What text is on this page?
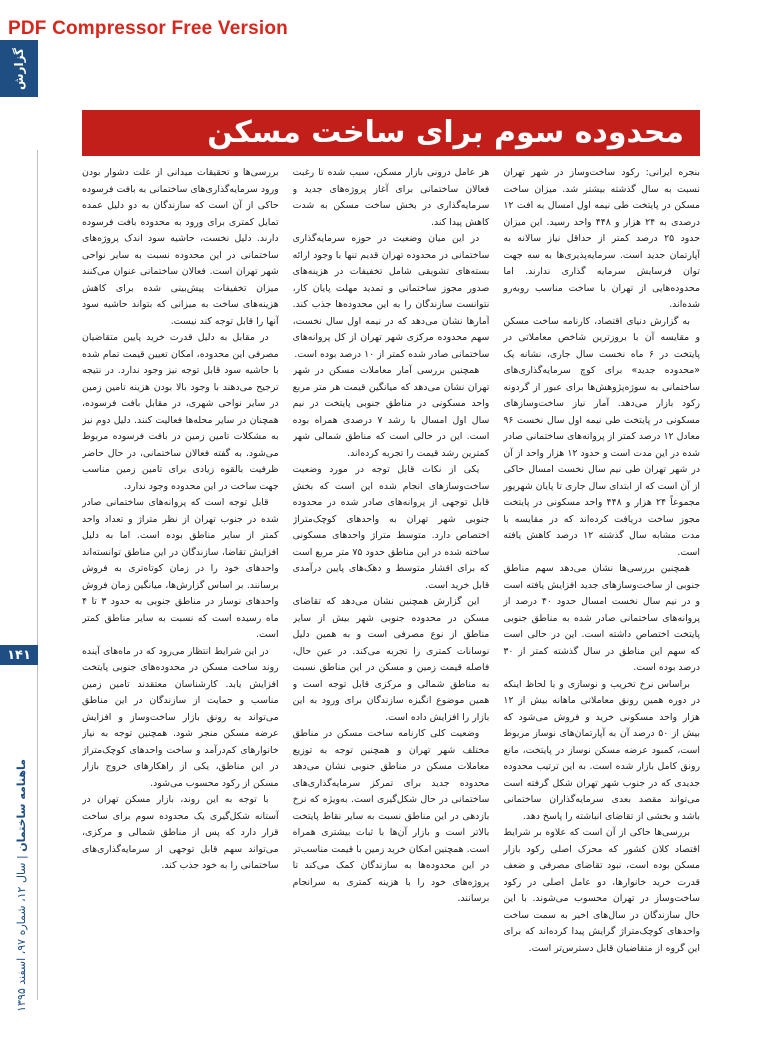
PDF Compressor Free Version
گزارش
۱۴۱
ماهنامه ساختمان | سال ۱۲، شماره ۹۷، اسفند ۱۳۹۵
محدوده سوم برای ساخت مسکن

بنجره ایرانی: رکود ساخت‌وساز در شهر تهران نسبت به سال گذشته بیشتر شد. میزان ساخت مسکن در پایتخت طی نیمه اول امسال به افت ۱۲ درصدی به ۲۴ هزار و ۴۴۸ واحد رسید. این میزان حدود ۲۵ درصد کمتر از حداقل نیاز سالانه به آپارتمان جدید است. سرمایه‌پذیری‌ها به سه جهت توان فرسایش سرمایه گذاری ندارند. اما محدوده‌هایی از تهران با ساخت مناسب روبه‌رو شده‌اند.

به گزارش دنیای اقتصاد، کارنامه ساخت مسکن و مقایسه آن با بروزترین شاخص معاملاتی در پایتخت در ۶ ماه نخست سال جاری، نشانه یک «محدوده جدید» برای کوچ سرمایه‌گذاری‌های ساختمانی به سوژه‌پژوهش‌ها برای عبور از گردونه رکود بازار می‌دهد. آمار نیاز ساخت‌وسازهای مسکونی در پایتخت طی نیمه اول سال نخست ۹۶ معادل ۱۲ درصد کمتر از پروانه‌های ساختمانی صادر شده در این مدت است و حدود ۱۲ هزار واحد از آن در شهر تهران طی نیم سال نخست امسال حاکی از آن است که از ابتدای سال جاری تا پایان شهریور مجموعاً ۲۴ هزار و ۴۴۸ واحد مسکونی در پایتخت مجوز ساخت دریافت کرده‌اند که در مقایسه با مدت مشابه سال گذشته ۱۲ درصد کاهش یافته است.

همچنین بررسی‌ها نشان می‌دهد سهم مناطق جنوبی از ساخت‌وسازهای جدید افزایش یافته است و در نیم سال نخست امسال حدود ۴۰ درصد از پروانه‌های ساختمانی صادر شده به مناطق جنوبی پایتخت اختصاص داشته است. این در حالی است که سهم این مناطق در سال گذشته کمتر از ۳۰ درصد بوده است.

براساس نرخ تخریب و نوسازی و با لحاظ اینکه در دوره همین رونق معاملاتی ماهانه بیش از ۱۲ هزار واحد مسکونی خرید و فروش می‌شود که بیش از ۵۰ درصد آن به آپارتمان‌های نوساز مربوط است، کمبود عرضه مسکن نوساز در پایتخت، مانع رونق کامل بازار شده است. به این ترتیب محدوده جدیدی که در جنوب شهر تهران شکل گرفته است می‌تواند مقصد بعدی سرمایه‌گذاران ساختمانی باشد و بخشی از تقاضای انباشته را پاسخ دهد.

بررسی‌ها حاکی از آن است که علاوه بر شرایط اقتصاد کلان کشور که محرک اصلی رکود بازار مسکن بوده است، نبود تقاضای مصرفی و ضعف قدرت خرید خانوارها، دو عامل اصلی در رکود ساخت‌وساز در تهران محسوب می‌شوند. با این حال سازندگان در سال‌های اخیر به سمت ساخت واحدهای کوچک‌متراژ گرایش پیدا کرده‌اند که برای این گروه از متقاضیان قابل دسترس‌تر است.

هر عامل درونی بازار مسکن، سبب شده تا رغبت فعالان ساختمانی برای آغاز پروژه‌های جدید و سرمایه‌گذاری در بخش ساخت مسکن به شدت کاهش پیدا کند.

در این میان وضعیت در حوزه سرمایه‌گذاری ساختمانی در محدوده تهران قدیم تنها با وجود ارائه بسته‌های تشویقی شامل تخفیفات در هزینه‌های صدور مجوز ساختمانی و تمدید مهلت پایان کار، نتوانست سازندگان را به این محدوده‌ها جذب کند. آمارها نشان می‌دهد که در نیمه اول سال نخست، سهم محدوده مرکزی شهر تهران از کل پروانه‌های ساختمانی صادر شده کمتر از ۱۰ درصد بوده است.

همچنین بررسی آمار معاملات مسکن در شهر تهران نشان می‌دهد که میانگین قیمت هر متر مربع واحد مسکونی در مناطق جنوبی پایتخت در نیم سال اول امسال با رشد ۷ درصدی همراه بوده است. این در حالی است که مناطق شمالی شهر کمترین رشد قیمت را تجربه کرده‌اند.

یکی از نکات قابل توجه در مورد وضعیت ساخت‌وسازهای انجام شده این است که بخش قابل توجهی از پروانه‌های صادر شده در محدوده جنوبی شهر تهران به واحدهای کوچک‌متراژ اختصاص دارد. متوسط متراژ واحدهای مسکونی ساخته شده در این مناطق حدود ۷۵ متر مربع است که برای اقشار متوسط و دهک‌های پایین درآمدی قابل خرید است.

این گزارش همچنین نشان می‌دهد که تقاضای مسکن در محدوده جنوبی شهر بیش از سایر مناطق از نوع مصرفی است و به همین دلیل نوسانات کمتری را تجربه می‌کند. در عین حال، فاصله قیمت زمین و مسکن در این مناطق نسبت به مناطق شمالی و مرکزی قابل توجه است و همین موضوع انگیزه سازندگان برای ورود به این بازار را افزایش داده است.

وضعیت کلی کارنامه ساخت مسکن در مناطق مختلف شهر تهران و همچنین توجه به توزیع معاملات مسکن در مناطق جنوبی نشان می‌دهد محدوده جدید برای تمرکز سرمایه‌گذاری‌های ساختمانی در حال شکل‌گیری است. به‌ویژه که نرخ بازدهی در این مناطق نسبت به سایر نقاط پایتخت بالاتر است و بازار آن‌ها با ثبات بیشتری همراه است. همچنین امکان خرید زمین با قیمت مناسب‌تر در این محدوده‌ها به سازندگان کمک می‌کند تا پروژه‌های خود را با هزینه کمتری به سرانجام برسانند.

بررسی‌ها و تحقیقات میدانی از علت دشوار بودن ورود سرمایه‌گذاری‌های ساختمانی به بافت فرسوده حاکی از آن است که سازندگان به دو دلیل عمده تمایل کمتری برای ورود به محدوده بافت فرسوده دارند. دلیل نخست، حاشیه سود اندک پروژه‌های ساختمانی در این محدوده نسبت به سایر نواحی شهر تهران است. فعالان ساختمانی عنوان می‌کنند میزان تخفیفات پیش‌بینی شده برای کاهش هزینه‌های ساخت به میزانی که بتواند حاشیه سود آنها را قابل توجه کند نیست.

در مقابل به دلیل قدرت خرید پایین متقاضیان مصرفی این محدوده، امکان تعیین قیمت تمام شده با حاشیه سود قابل توجه نیز وجود ندارد. در نتیجه ترجیح می‌دهند با وجود بالا بودن هزینه تامین زمین در سایر نواحی شهری، در مقابل بافت فرسوده، همچنان در سایر محله‌ها فعالیت کنند. دلیل دوم نیز به مشکلات تامین زمین در بافت فرسوده مربوط می‌شود. به گفته فعالان ساختمانی، در حال حاضر ظرفیت بالقوه زیادی برای تامین زمین مناسب جهت ساخت در این محدوده وجود ندارد.

قابل توجه است که پروانه‌های ساختمانی صادر شده در جنوب تهران از نظر متراژ و تعداد واحد کمتر از سایر مناطق بوده است. اما به دلیل افزایش تقاضا، سازندگان در این مناطق توانسته‌اند واحدهای خود را در زمان کوتاه‌تری به فروش برسانند. بر اساس گزارش‌ها، میانگین زمان فروش واحدهای نوساز در مناطق جنوبی به حدود ۳ تا ۴ ماه رسیده است که نسبت به سایر مناطق کمتر است.

در این شرایط انتظار می‌رود که در ماه‌های آینده روند ساخت مسکن در محدوده‌های جنوبی پایتخت افزایش یابد. کارشناسان معتقدند تامین زمین مناسب و حمایت از سازندگان در این مناطق می‌تواند به رونق بازار ساخت‌وساز و افزایش عرضه مسکن منجر شود. همچنین توجه به نیاز خانوارهای کم‌درآمد و ساخت واحدهای کوچک‌متراژ در این مناطق، یکی از راهکارهای خروج بازار مسکن از رکود محسوب می‌شود.

با توجه به این روند، بازار مسکن تهران در آستانه شکل‌گیری یک محدوده سوم برای ساخت قرار دارد که پس از مناطق شمالی و مرکزی، می‌تواند سهم قابل توجهی از سرمایه‌گذاری‌های ساختمانی را به خود جذب کند.
